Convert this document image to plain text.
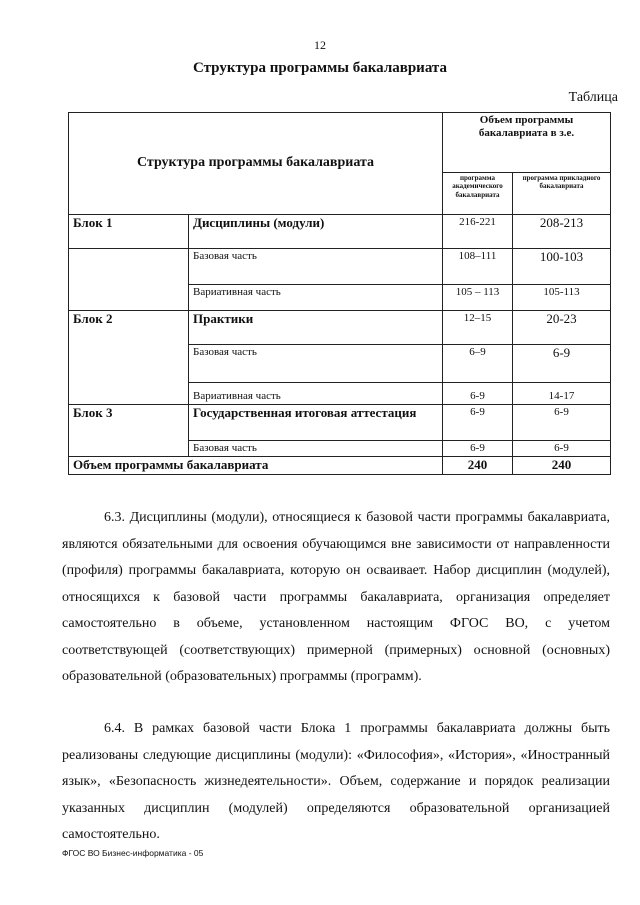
12
Структура программы бакалавриата
Таблица
Структура программы бакалавриата		Объем программы бакалавриата в з.е.	
		программа академического бакалавриата	программа прикладного бакалавриата
Блок 1	Дисциплины (модули)	216-221	208-213
	Базовая часть	108–111	100-103
	Вариативная часть	105 – 113	105-113
Блок 2	Практики	12–15	20-23
	Базовая часть	6–9	6-9
	Вариативная часть	6-9	14-17
Блок 3	Государственная итоговая аттестация	6-9	6-9
	Базовая часть	6-9	6-9
Объем программы бакалавриата		240	240

6.3. Дисциплины (модули), относящиеся к базовой части программы бакалавриата, являются обязательными для освоения обучающимся вне зависимости от направленности (профиля) программы бакалавриата, которую он осваивает. Набор дисциплин (модулей), относящихся к базовой части программы бакалавриата, организация определяет самостоятельно в объеме, установленном настоящим ФГОС ВО, с учетом соответствующей (соответствующих) примерной (примерных) основной (основных) образовательной (образовательных) программы (программ).

6.4. В рамках базовой части Блока 1 программы бакалавриата должны быть реализованы следующие дисциплины (модули): «Философия», «История», «Иностранный язык», «Безопасность жизнедеятельности». Объем, содержание и порядок реализации указанных дисциплин (модулей) определяются образовательной организацией самостоятельно.

ФГОС ВО Бизнес-информатика - 05
